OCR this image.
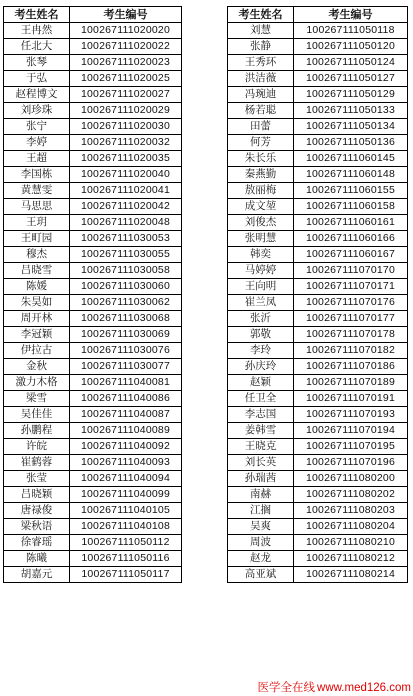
考生姓名	考生编号
王冉然	100267111020020
任北大	100267111020022
张琴	100267111020023
于弘	100267111020025
赵程博文	100267111020027
刘珍珠	100267111020029
张宁	100267111020030
李婷	100267111020032
王超	100267111020035
李国栋	100267111020040
黄慧雯	100267111020041
马思思	100267111020042
王玥	100267111020048
王町园	100267111030053
穆杰	100267111030055
吕晓雪	100267111030058
陈媛	100267111030060
朱昊如	100267111030062
周开林	100267111030068
李冠颖	100267111030069
伊拉古	100267111030076
金秋	100267111030077
激力木格	100267111040081
梁雪	100267111040086
吴佳佳	100267111040087
孙鹏程	100267111040089
许皖	100267111040092
崔鹤蓉	100267111040093
张莹	100267111040094
吕晓颖	100267111040099
唐禄俊	100267111040105
梁秋语	100267111040108
徐睿瑶	100267111050112
陈曦	100267111050116
胡嘉元	100267111050117
考生姓名	考生编号
刘慧	100267111050118
张静	100267111050120
王秀环	100267111050124
洪洁薇	100267111050127
冯琬迪	100267111050129
杨若聪	100267111050133
田蕾	100267111050134
何芳	100267111050136
朱长乐	100267111060145
秦燕勤	100267111060148
敖丽梅	100267111060155
成文堃	100267111060158
刘俊杰	100267111060161
张明慧	100267111060166
韩奕	100267111060167
马婷婷	100267111070170
王向明	100267111070171
崔兰凤	100267111070176
张沂	100267111070177
郭敬	100267111070178
李玲	100267111070182
孙庆玲	100267111070186
赵颖	100267111070189
任卫全	100267111070191
李志国	100267111070193
姜韩雪	100267111070194
王晓克	100267111070195
刘长英	100267111070196
孙瑞茜	100267111080200
南赫	100267111080202
江搁	100267111080203
吴爽	100267111080204
周波	100267111080210
赵龙	100267111080212
高亚斌	100267111080214
医学全在线 www.med126.com
